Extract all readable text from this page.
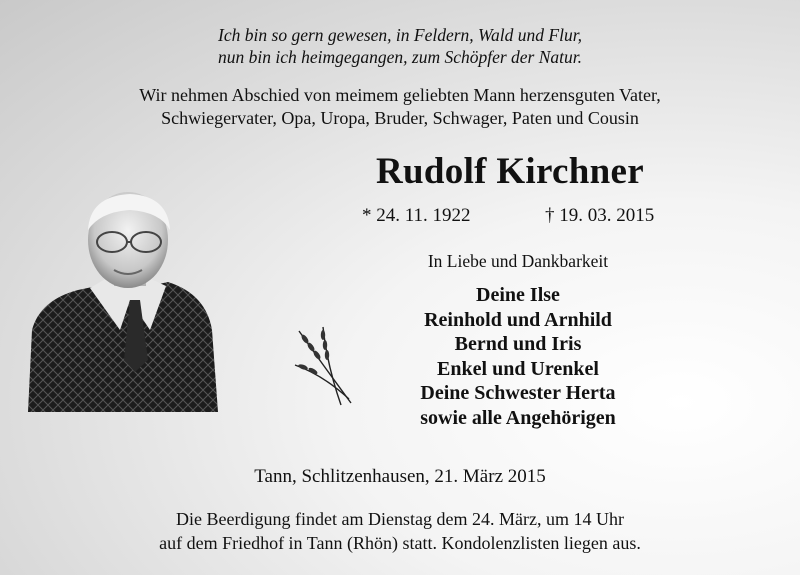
Ich bin so gern gewesen, in Feldern, Wald und Flur,
nun bin ich heimgegangen, zum Schöpfer der Natur.
Wir nehmen Abschied von meimem geliebten Mann herzensguten Vater,
Schwiegervater, Opa, Uropa, Bruder, Schwager, Paten und Cousin
Rudolf Kirchner
* 24. 11. 1922	† 19. 03. 2015
In Liebe und Dankbarkeit
Deine Ilse
Reinhold und Arnhild
Bernd und Iris
Enkel und Urenkel
Deine Schwester Herta
sowie alle Angehörigen
Tann, Schlitzenhausen, 21. März 2015
Die Beerdigung findet am Dienstag dem 24. März, um 14 Uhr
auf dem Friedhof in Tann (Rhön) statt. Kondolenzlisten liegen aus.
